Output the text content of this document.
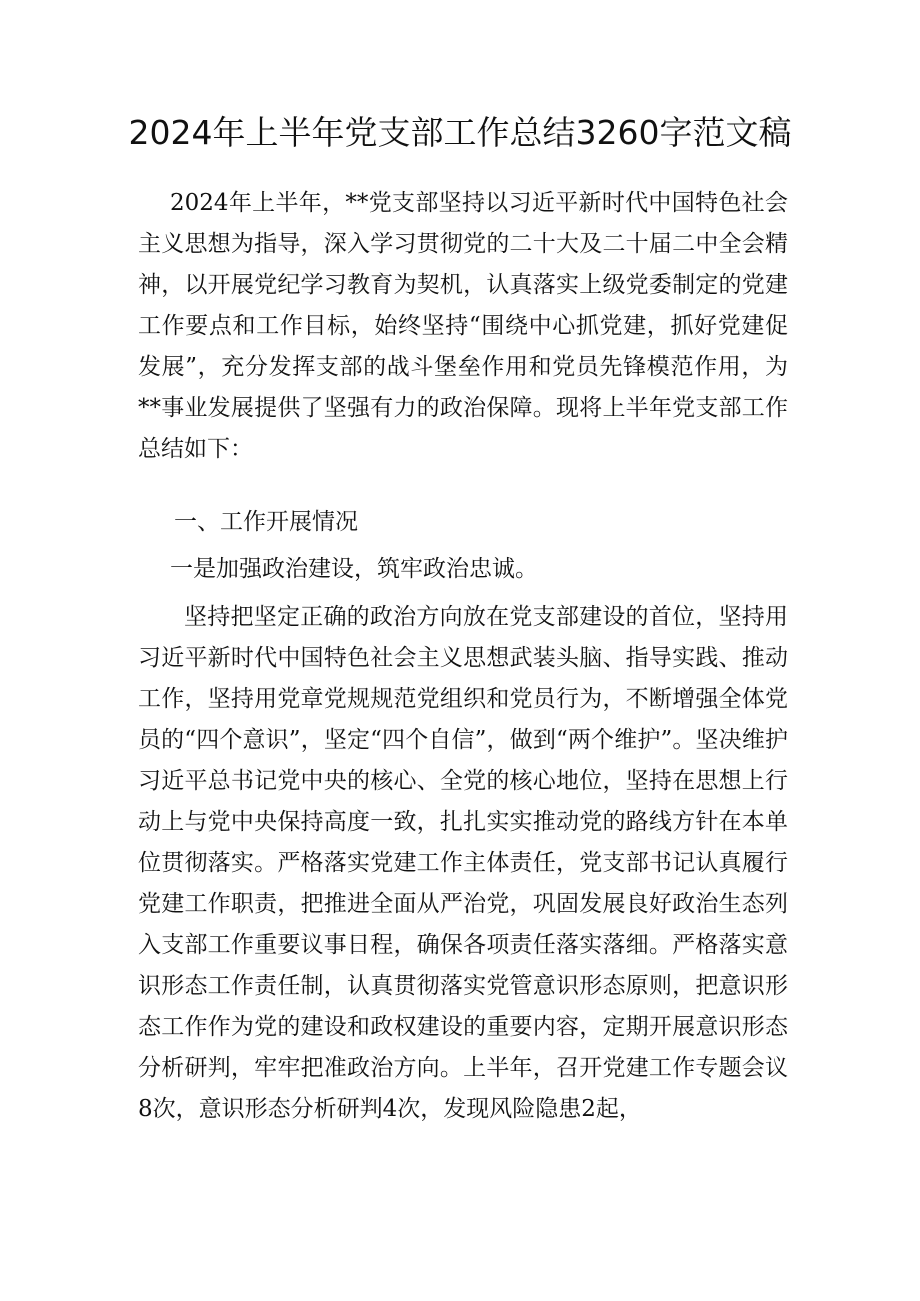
2024年上半年党支部工作总结3260字范文稿

2024年上半年，**党支部坚持以习近平新时代中国特色社会主义思想为指导，深入学习贯彻党的二十大及二十届二中全会精神，以开展党纪学习教育为契机，认真落实上级党委制定的党建工作要点和工作目标，始终坚持“围绕中心抓党建，抓好党建促发展”，充分发挥支部的战斗堡垒作用和党员先锋模范作用，为**事业发展提供了坚强有力的政治保障。现将上半年党支部工作总结如下：

一、工作开展情况

一是加强政治建设，筑牢政治忠诚。

坚持把坚定正确的政治方向放在党支部建设的首位，坚持用习近平新时代中国特色社会主义思想武装头脑、指导实践、推动工作，坚持用党章党规规范党组织和党员行为，不断增强全体党员的“四个意识”，坚定“四个自信”，做到“两个维护”。坚决维护习近平总书记党中央的核心、全党的核心地位，坚持在思想上行动上与党中央保持高度一致，扎扎实实推动党的路线方针在本单位贯彻落实。严格落实党建工作主体责任，党支部书记认真履行党建工作职责，把推进全面从严治党，巩固发展良好政治生态列入支部工作重要议事日程，确保各项责任落实落细。严格落实意识形态工作责任制，认真贯彻落实党管意识形态原则，把意识形态工作作为党的建设和政权建设的重要内容，定期开展意识形态分析研判，牢牢把准政治方向。上半年，召开党建工作专题会议8次，意识形态分析研判4次，发现风险隐患2起，
